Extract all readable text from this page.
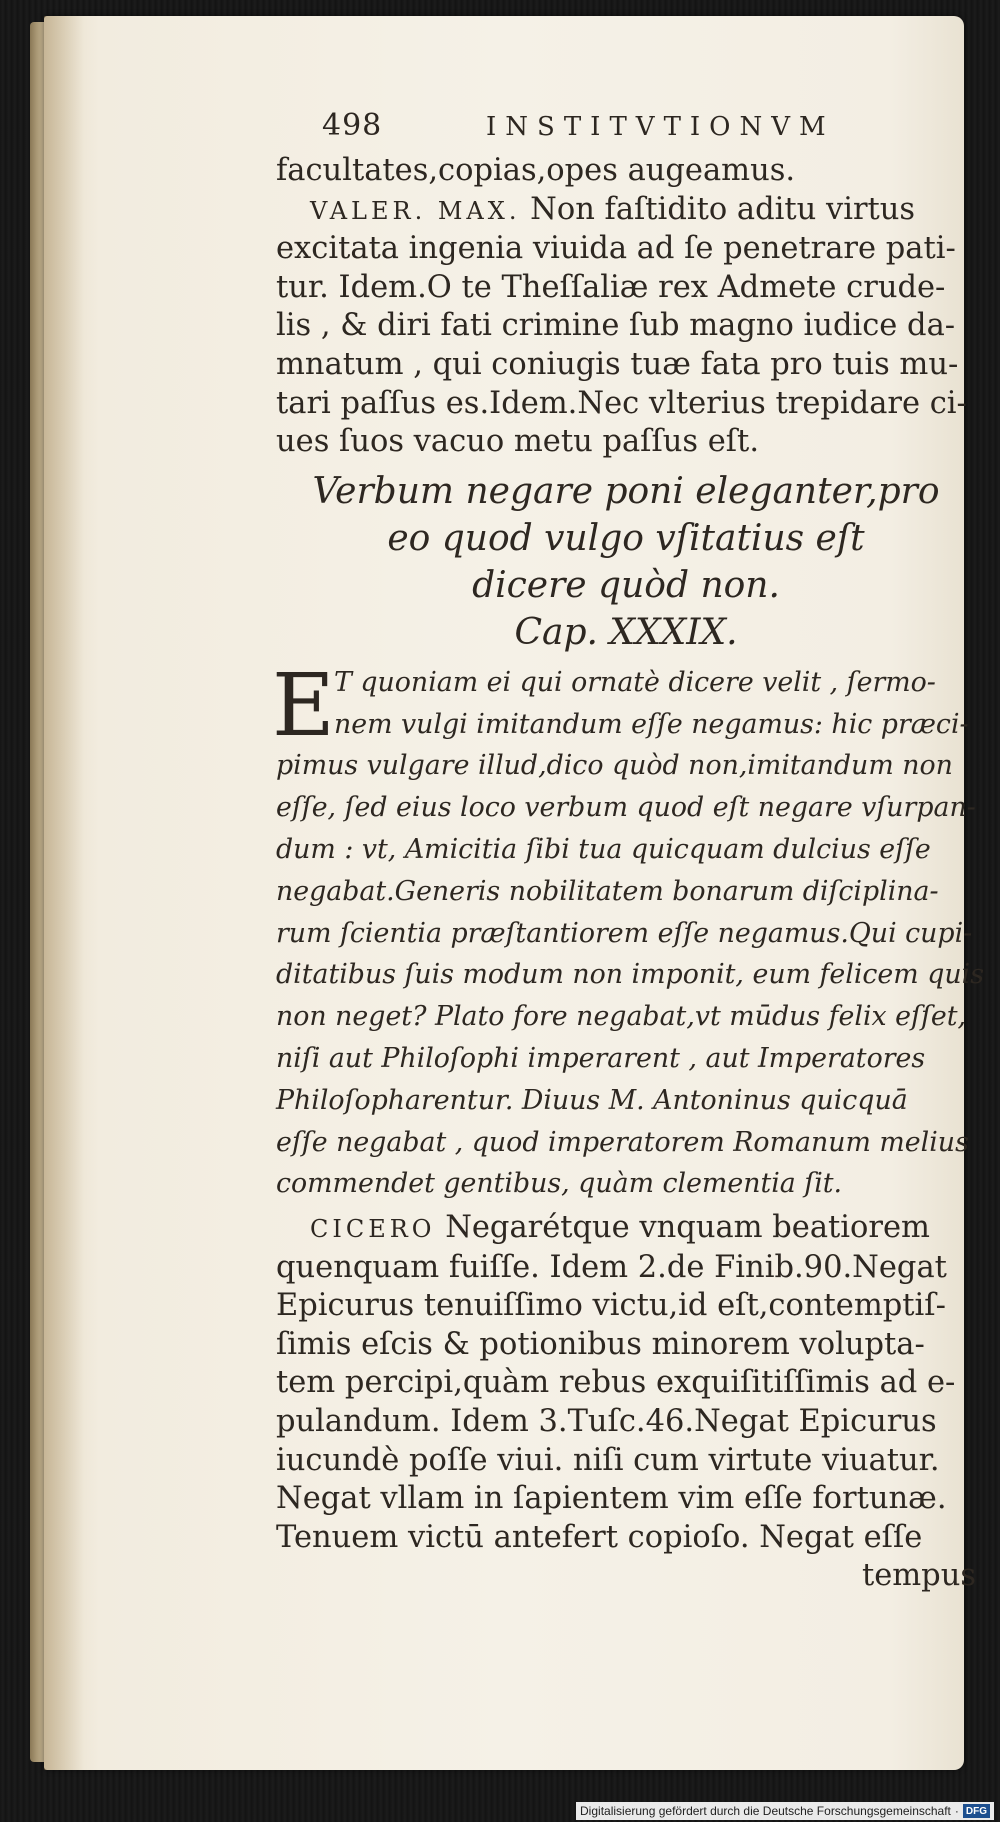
498	INSTITVTIONVM
facultates,copias,opes augeamus.
VALER. MAX. Non faſtidito aditu virtus
excitata ingenia viuida ad ſe penetrare pati-
tur. Idem.O te Theſſaliæ rex Admete crude-
lis , & diri fati crimine ſub magno iudice da-
mnatum , qui coniugis tuæ fata pro tuis mu-
tari paſſus es.Idem.Nec vlterius trepidare ci-
ues ſuos vacuo metu paſſus eſt.
Verbum negare poni eleganter,pro
eo quod vulgo vſitatius eſt
dicere quòd non.
Cap. XXXIX.
E T quoniam ei qui ornatè dicere velit , ſermo-
nem vulgi imitandum eſſe negamus: hic præci-
pimus vulgare illud,dico quòd non,imitandum non
eſſe, ſed eius loco verbum quod eſt negare vſurpan-
dum : vt, Amicitia ſibi tua quicquam dulcius eſſe
negabat.Generis nobilitatem bonarum diſciplina-
rum ſcientia præſtantiorem eſſe negamus.Qui cupi-
ditatibus ſuis modum non imponit, eum felicem quis
non neget? Plato fore negabat,vt mūdus felix eſſet,
niſi aut Philoſophi imperarent , aut Imperatores
Philoſopharentur. Diuus M. Antoninus quicquā
eſſe negabat , quod imperatorem Romanum melius
commendet gentibus, quàm clementia ſit.
CICERO Negarétque vnquam beatiorem
quenquam fuiſſe. Idem 2.de Finib.90.Negat
Epicurus tenuiſſimo victu,id eſt,contemptiſ-
ſimis eſcis & potionibus minorem volupta-
tem percipi,quàm rebus exquiſitiſſimis ad e-
pulandum. Idem 3.Tuſc.46.Negat Epicurus
iucundè poſſe viui. niſi cum virtute viuatur.
Negat vllam in ſapientem vim eſſe fortunæ.
Tenuem victū antefert copioſo. Negat eſſe
tempus
Digitalisierung gefördert durch die Deutsche Forschungsgemeinschaft · DFG
